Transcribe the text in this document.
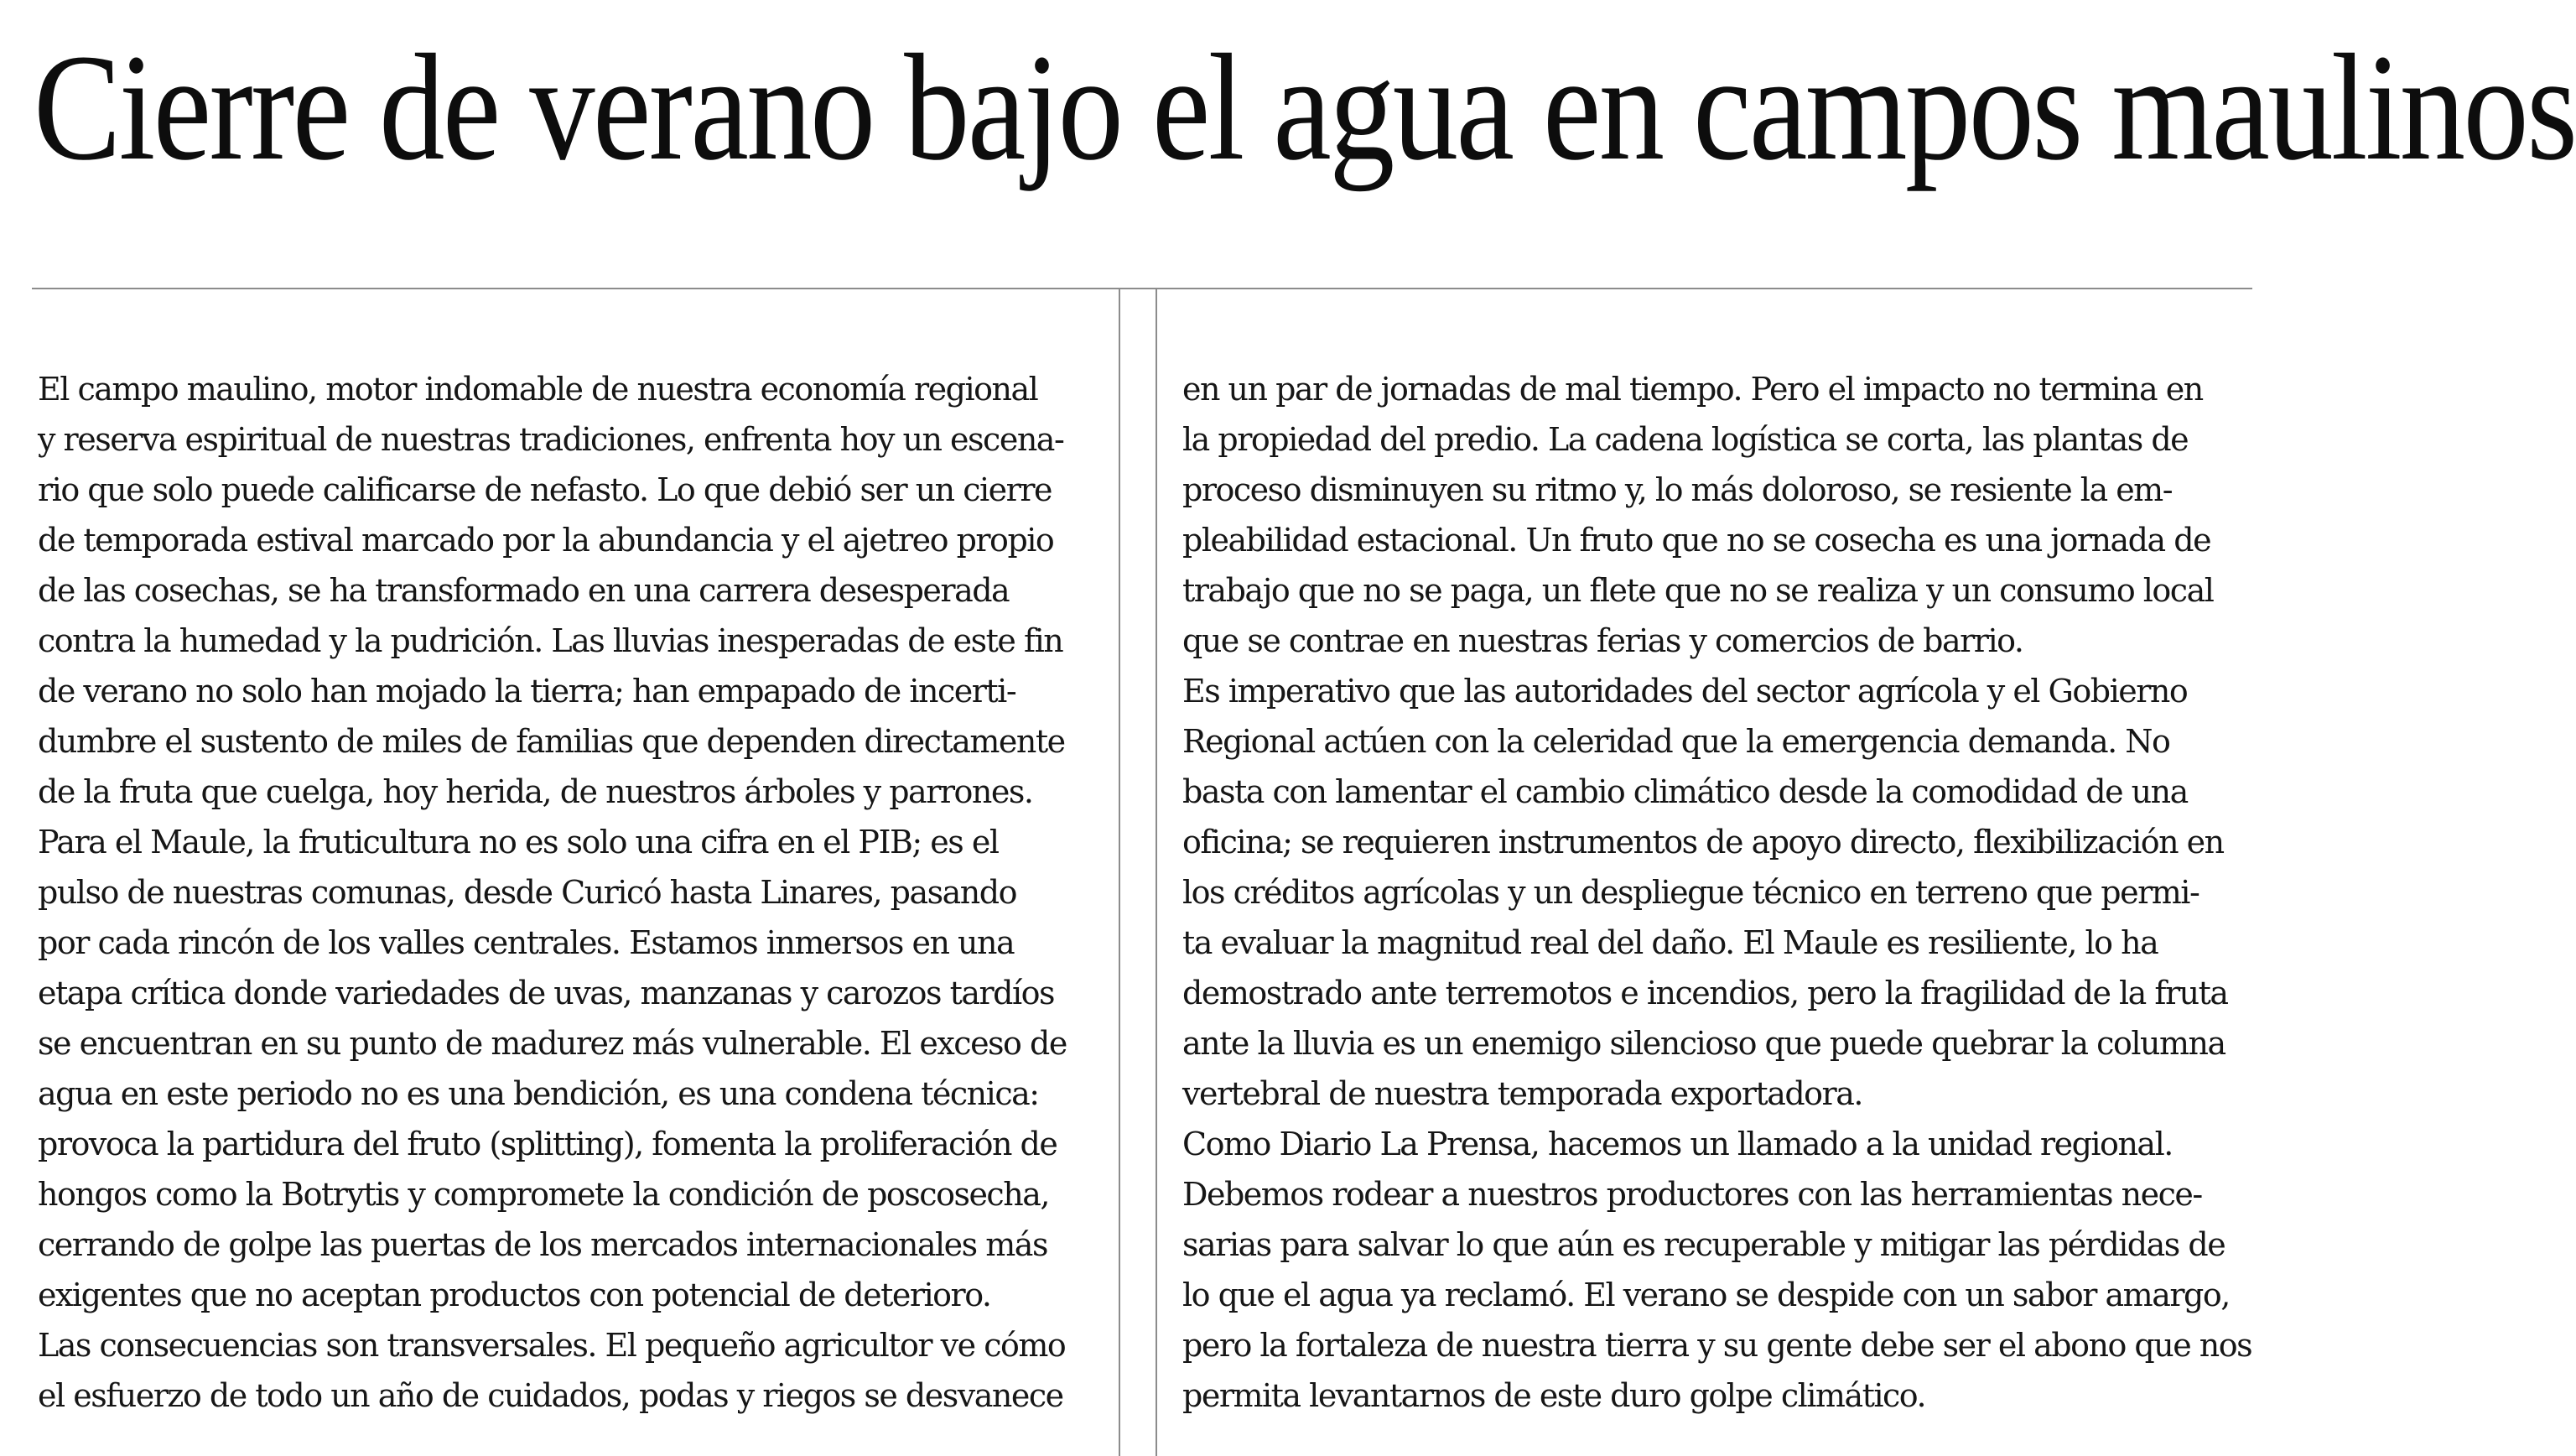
Cierre de verano bajo el agua en campos maulinos
El campo maulino, motor indomable de nuestra economía regional
y reserva espiritual de nuestras tradiciones, enfrenta hoy un escena-
rio que solo puede calificarse de nefasto. Lo que debió ser un cierre
de temporada estival marcado por la abundancia y el ajetreo propio
de las cosechas, se ha transformado en una carrera desesperada
contra la humedad y la pudrición. Las lluvias inesperadas de este fin
de verano no solo han mojado la tierra; han empapado de incerti-
dumbre el sustento de miles de familias que dependen directamente
de la fruta que cuelga, hoy herida, de nuestros árboles y parrones.
Para el Maule, la fruticultura no es solo una cifra en el PIB; es el
pulso de nuestras comunas, desde Curicó hasta Linares, pasando
por cada rincón de los valles centrales. Estamos inmersos en una
etapa crítica donde variedades de uvas, manzanas y carozos tardíos
se encuentran en su punto de madurez más vulnerable. El exceso de
agua en este periodo no es una bendición, es una condena técnica:
provoca la partidura del fruto (splitting), fomenta la proliferación de
hongos como la Botrytis y compromete la condición de poscosecha,
cerrando de golpe las puertas de los mercados internacionales más
exigentes que no aceptan productos con potencial de deterioro.
Las consecuencias son transversales. El pequeño agricultor ve cómo
el esfuerzo de todo un año de cuidados, podas y riegos se desvanece
en un par de jornadas de mal tiempo. Pero el impacto no termina en
la propiedad del predio. La cadena logística se corta, las plantas de
proceso disminuyen su ritmo y, lo más doloroso, se resiente la em-
pleabilidad estacional. Un fruto que no se cosecha es una jornada de
trabajo que no se paga, un flete que no se realiza y un consumo local
que se contrae en nuestras ferias y comercios de barrio.
Es imperativo que las autoridades del sector agrícola y el Gobierno
Regional actúen con la celeridad que la emergencia demanda. No
basta con lamentar el cambio climático desde la comodidad de una
oficina; se requieren instrumentos de apoyo directo, flexibilización en
los créditos agrícolas y un despliegue técnico en terreno que permi-
ta evaluar la magnitud real del daño. El Maule es resiliente, lo ha
demostrado ante terremotos e incendios, pero la fragilidad de la fruta
ante la lluvia es un enemigo silencioso que puede quebrar la columna
vertebral de nuestra temporada exportadora.
Como Diario La Prensa, hacemos un llamado a la unidad regional.
Debemos rodear a nuestros productores con las herramientas nece-
sarias para salvar lo que aún es recuperable y mitigar las pérdidas de
lo que el agua ya reclamó. El verano se despide con un sabor amargo,
pero la fortaleza de nuestra tierra y su gente debe ser el abono que nos
permita levantarnos de este duro golpe climático.
